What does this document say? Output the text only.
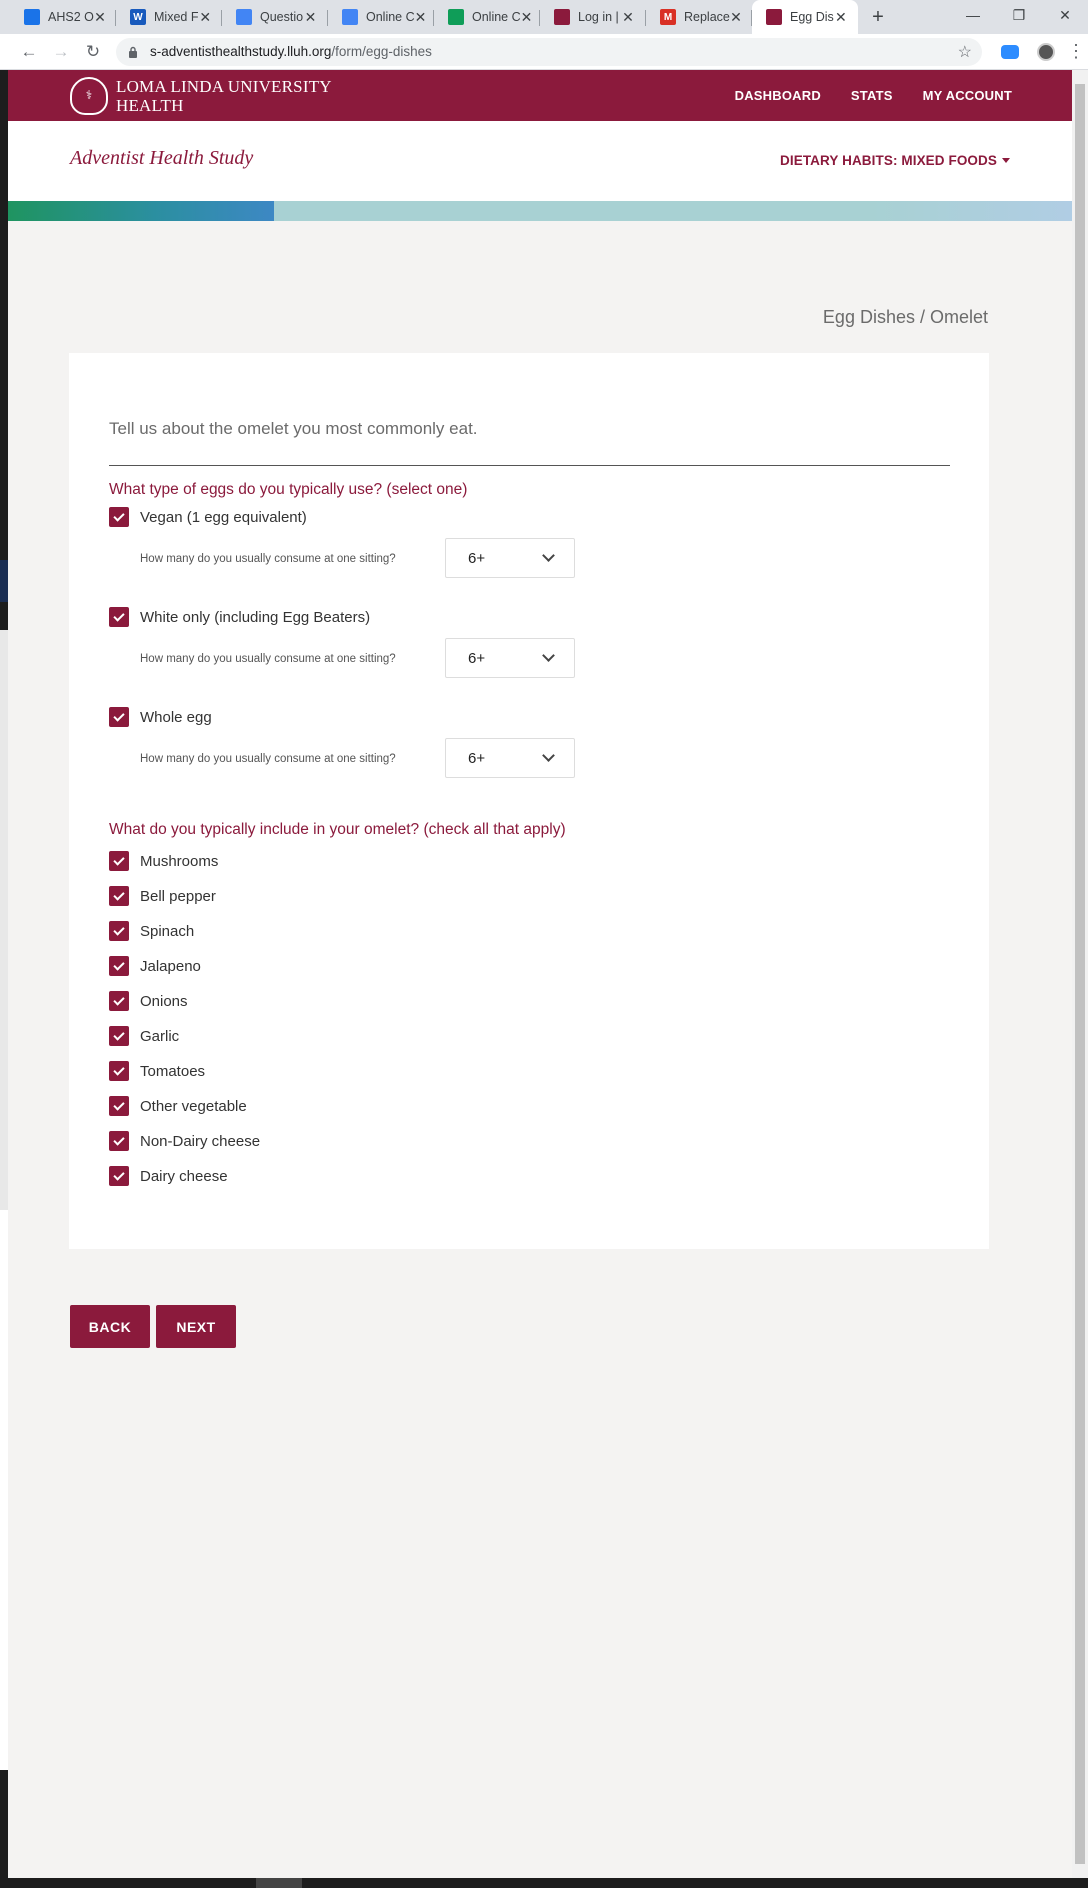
AHS2 O ✕	W Mixed F ✕	Questio ✕	Online C ✕	Online C ✕	Log in | ✕	M Replace ✕	Egg Dis ✕	+	—	❐	✕
← → ↻	s-adventisthealthstudy.lluh.org /form/egg-dishes	☆	⋮
⚕	LOMA LINDA UNIVERSITY
HEALTH	DASHBOARD STATS MY ACCOUNT
Adventist Health Study	DIETARY HABITS: MIXED FOODS
Egg Dishes / Omelet
Tell us about the omelet you most commonly eat.
What type of eggs do you typically use? (select one)
Vegan (1 egg equivalent)
How many do you usually consume at one sitting?	6+
White only (including Egg Beaters)
How many do you usually consume at one sitting?	6+
Whole egg
How many do you usually consume at one sitting?	6+
What do you typically include in your omelet? (check all that apply)
Mushrooms
Bell pepper
Spinach
Jalapeno
Onions
Garlic
Tomatoes
Other vegetable
Non-Dairy cheese
Dairy cheese
BACK	NEXT
